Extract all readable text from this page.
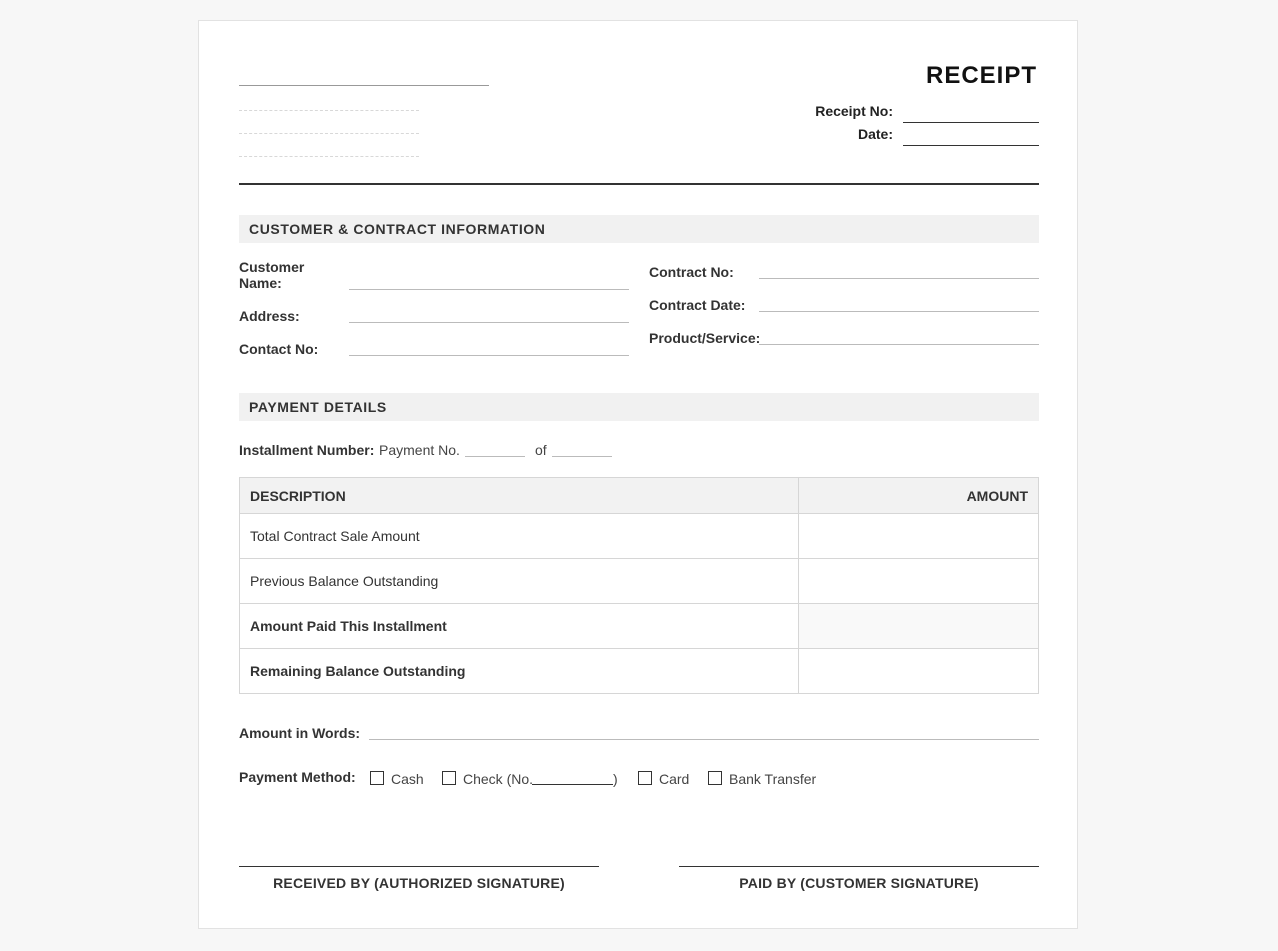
RECEIPT
Receipt No:
Date:
CUSTOMER & CONTRACT INFORMATION
Customer Name:
Address:
Contact No:
Contract No:
Contract Date:
Product/Service:
PAYMENT DETAILS
Installment Number: Payment No.	of
DESCRIPTION	AMOUNT
Total Contract Sale Amount	
Previous Balance Outstanding	
Amount Paid This Installment	
Remaining Balance Outstanding	
Amount in Words:
Payment Method:	Cash	Check (No.	)	Card	Bank Transfer
RECEIVED BY (AUTHORIZED SIGNATURE)	PAID BY (CUSTOMER SIGNATURE)
